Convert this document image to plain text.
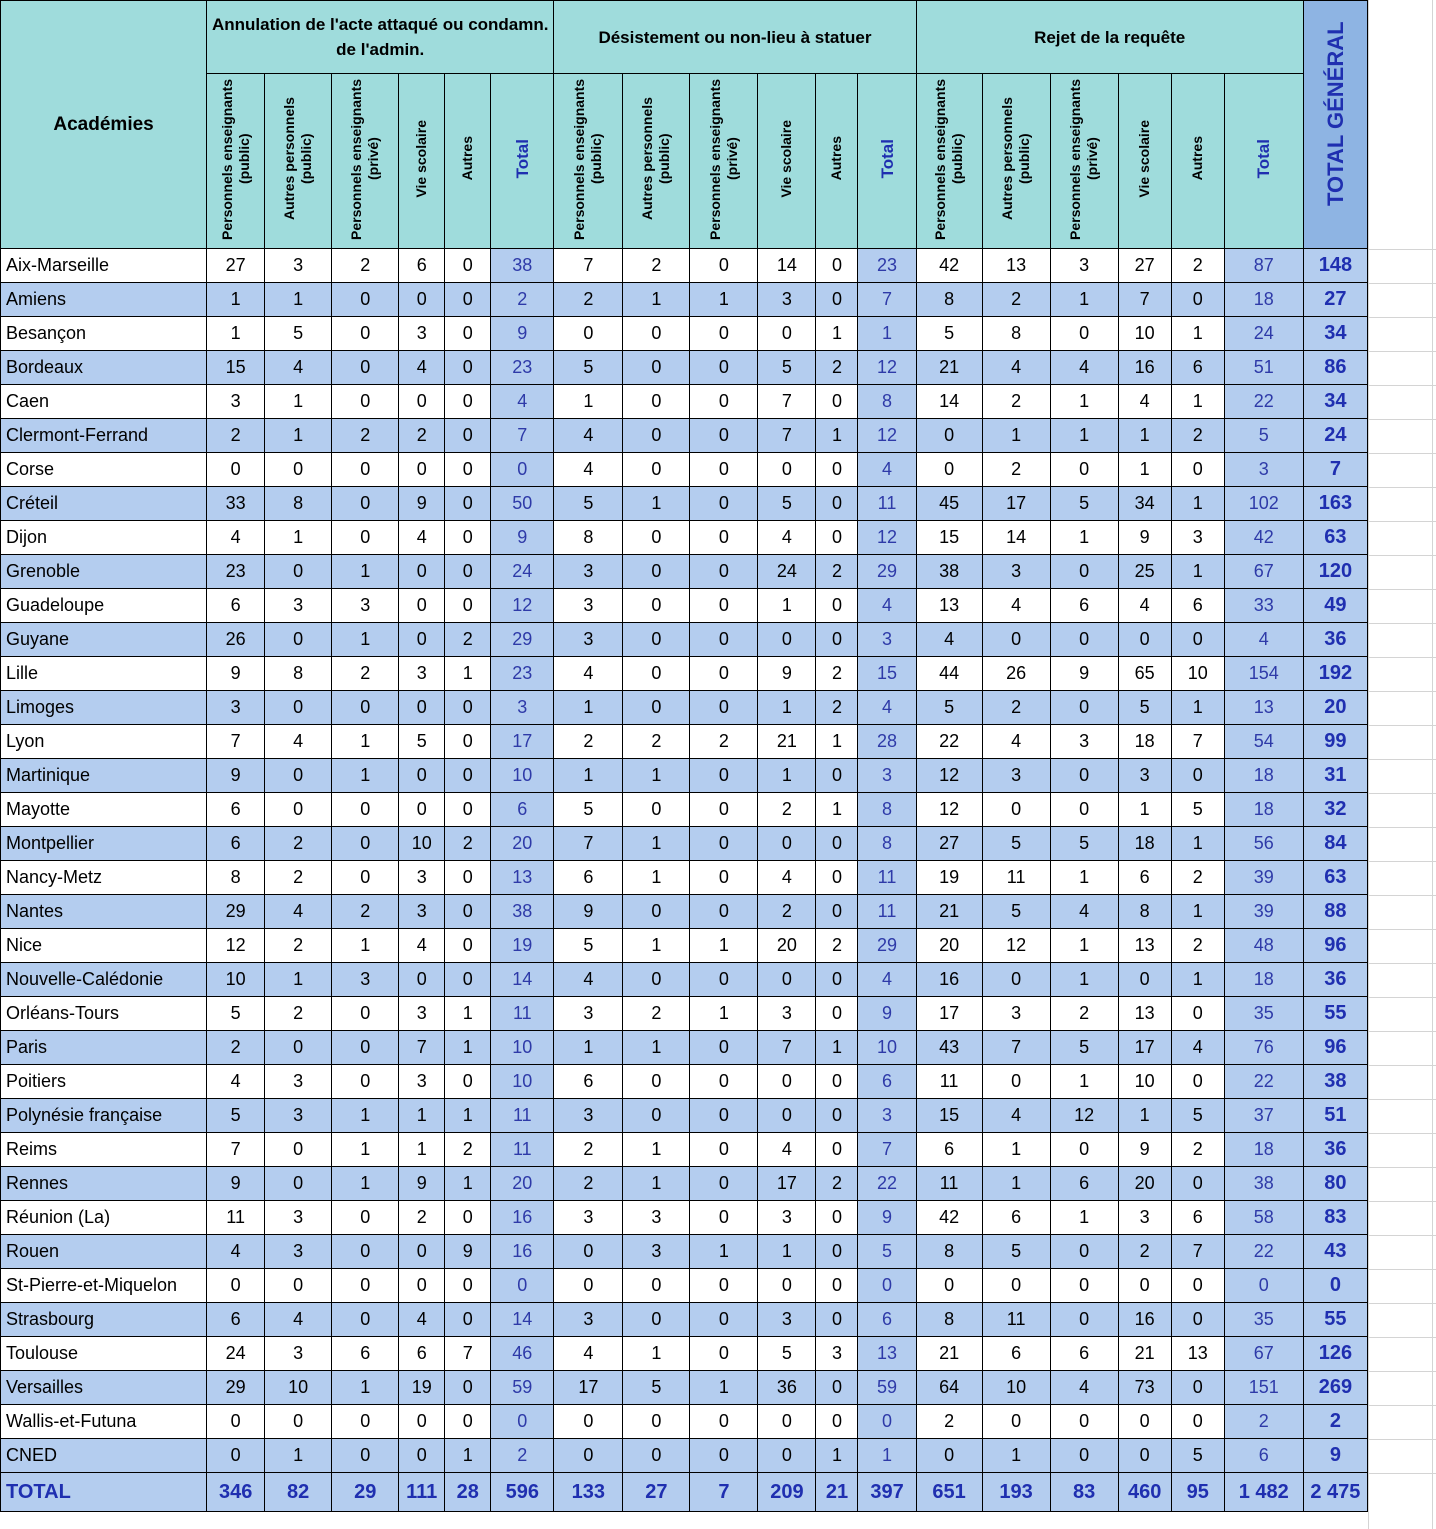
Académies	Annulation de l'acte attaqué ou condamn. de l'admin.						Désistement ou non-lieu à statuer						Rejet de la requête						TOTAL GÉNÉRAL
	Personnels enseignants (public)	Autres personnels (public)	Personnels enseignants (privé)	Vie scolaire	Autres	Total	Personnels enseignants (public)	Autres personnels (public)	Personnels enseignants (privé)	Vie scolaire	Autres	Total	Personnels enseignants (public)	Autres personnels (public)	Personnels enseignants (privé)	Vie scolaire	Autres	Total	
Aix-Marseille	27	3	2	6	0	38	7	2	0	14	0	23	42	13	3	27	2	87	148
Amiens	1	1	0	0	0	2	2	1	1	3	0	7	8	2	1	7	0	18	27
Besançon	1	5	0	3	0	9	0	0	0	0	1	1	5	8	0	10	1	24	34
Bordeaux	15	4	0	4	0	23	5	0	0	5	2	12	21	4	4	16	6	51	86
Caen	3	1	0	0	0	4	1	0	0	7	0	8	14	2	1	4	1	22	34
Clermont-Ferrand	2	1	2	2	0	7	4	0	0	7	1	12	0	1	1	1	2	5	24
Corse	0	0	0	0	0	0	4	0	0	0	0	4	0	2	0	1	0	3	7
Créteil	33	8	0	9	0	50	5	1	0	5	0	11	45	17	5	34	1	102	163
Dijon	4	1	0	4	0	9	8	0	0	4	0	12	15	14	1	9	3	42	63
Grenoble	23	0	1	0	0	24	3	0	0	24	2	29	38	3	0	25	1	67	120
Guadeloupe	6	3	3	0	0	12	3	0	0	1	0	4	13	4	6	4	6	33	49
Guyane	26	0	1	0	2	29	3	0	0	0	0	3	4	0	0	0	0	4	36
Lille	9	8	2	3	1	23	4	0	0	9	2	15	44	26	9	65	10	154	192
Limoges	3	0	0	0	0	3	1	0	0	1	2	4	5	2	0	5	1	13	20
Lyon	7	4	1	5	0	17	2	2	2	21	1	28	22	4	3	18	7	54	99
Martinique	9	0	1	0	0	10	1	1	0	1	0	3	12	3	0	3	0	18	31
Mayotte	6	0	0	0	0	6	5	0	0	2	1	8	12	0	0	1	5	18	32
Montpellier	6	2	0	10	2	20	7	1	0	0	0	8	27	5	5	18	1	56	84
Nancy-Metz	8	2	0	3	0	13	6	1	0	4	0	11	19	11	1	6	2	39	63
Nantes	29	4	2	3	0	38	9	0	0	2	0	11	21	5	4	8	1	39	88
Nice	12	2	1	4	0	19	5	1	1	20	2	29	20	12	1	13	2	48	96
Nouvelle-Calédonie	10	1	3	0	0	14	4	0	0	0	0	4	16	0	1	0	1	18	36
Orléans-Tours	5	2	0	3	1	11	3	2	1	3	0	9	17	3	2	13	0	35	55
Paris	2	0	0	7	1	10	1	1	0	7	1	10	43	7	5	17	4	76	96
Poitiers	4	3	0	3	0	10	6	0	0	0	0	6	11	0	1	10	0	22	38
Polynésie française	5	3	1	1	1	11	3	0	0	0	0	3	15	4	12	1	5	37	51
Reims	7	0	1	1	2	11	2	1	0	4	0	7	6	1	0	9	2	18	36
Rennes	9	0	1	9	1	20	2	1	0	17	2	22	11	1	6	20	0	38	80
Réunion (La)	11	3	0	2	0	16	3	3	0	3	0	9	42	6	1	3	6	58	83
Rouen	4	3	0	0	9	16	0	3	1	1	0	5	8	5	0	2	7	22	43
St-Pierre-et-Miquelon	0	0	0	0	0	0	0	0	0	0	0	0	0	0	0	0	0	0	0
Strasbourg	6	4	0	4	0	14	3	0	0	3	0	6	8	11	0	16	0	35	55
Toulouse	24	3	6	6	7	46	4	1	0	5	3	13	21	6	6	21	13	67	126
Versailles	29	10	1	19	0	59	17	5	1	36	0	59	64	10	4	73	0	151	269
Wallis-et-Futuna	0	0	0	0	0	0	0	0	0	0	0	0	2	0	0	0	0	2	2
CNED	0	1	0	0	1	2	0	0	0	0	1	1	0	1	0	0	5	6	9
TOTAL	346	82	29	111	28	596	133	27	7	209	21	397	651	193	83	460	95	1 482	2 475
